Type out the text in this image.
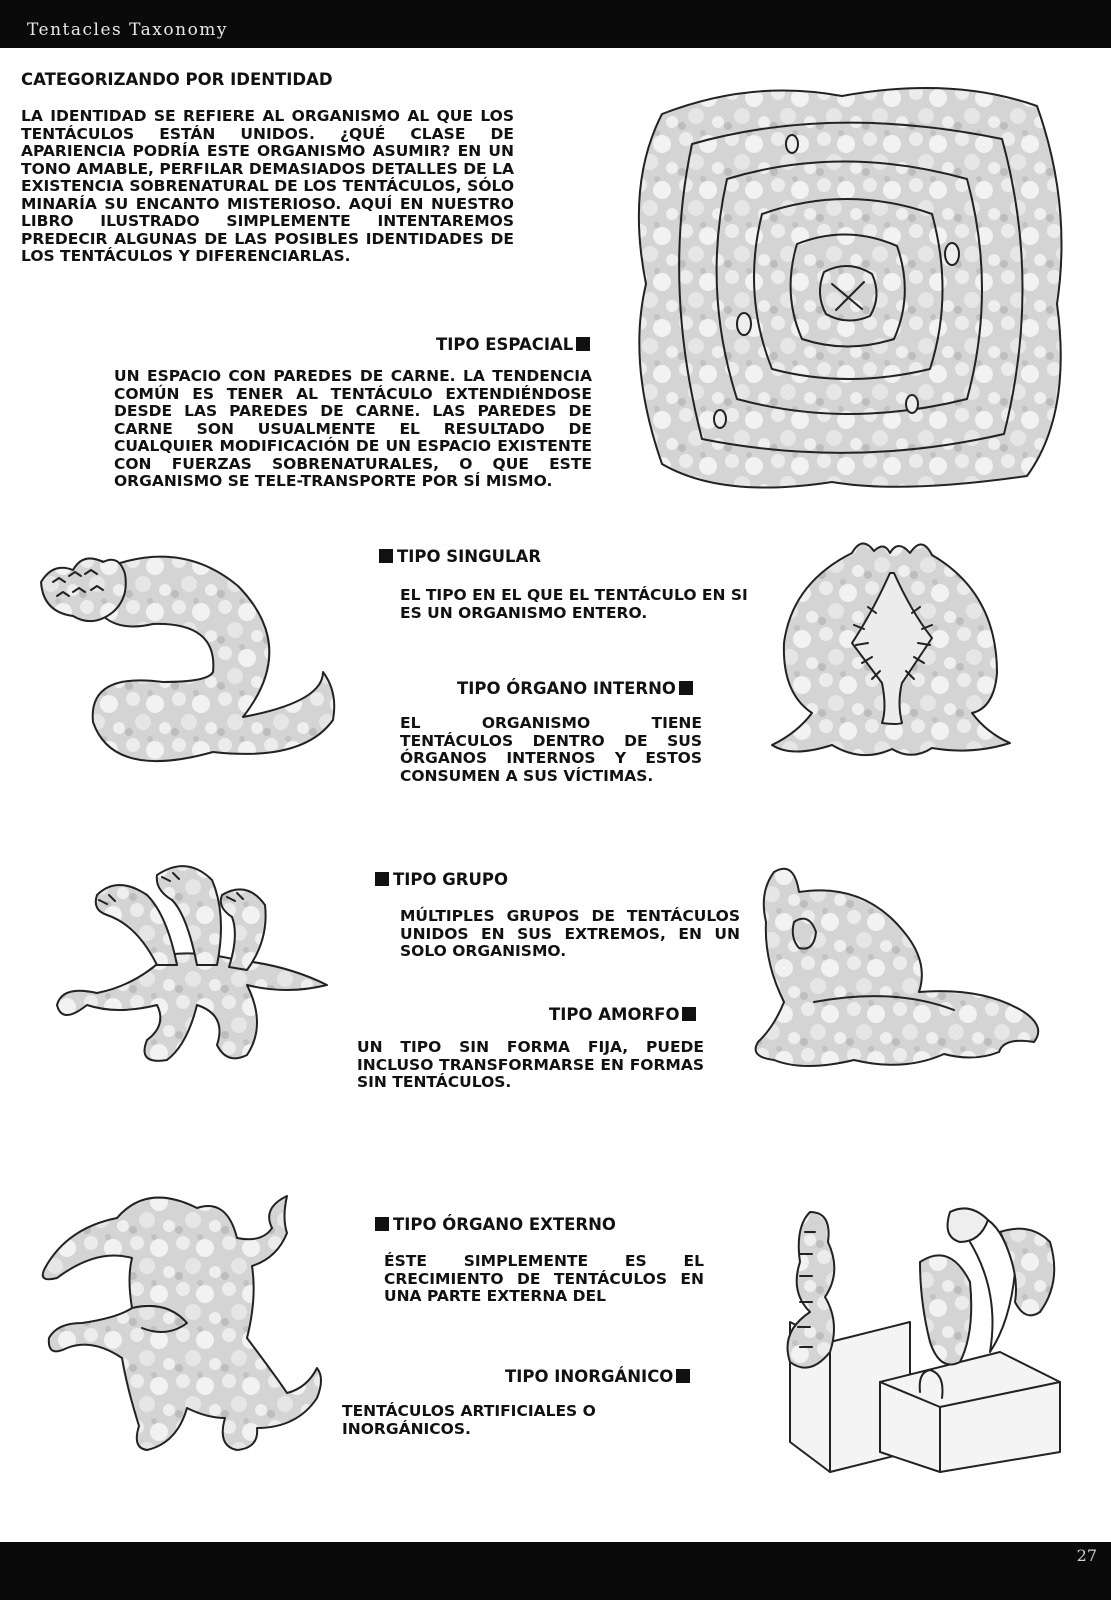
Tentacles Taxonomy
27
CATEGORIZANDO POR IDENTIDAD
LA IDENTIDAD SE REFIERE AL ORGANISMO AL QUE LOS TENTÁCULOS ESTÁN UNIDOS. ¿QUÉ CLASE DE APARIENCIA PODRÍA ESTE ORGANISMO ASUMIR? EN UN TONO AMABLE, PERFILAR DEMASIADOS DETALLES DE LA EXISTENCIA SOBRENATURAL DE LOS TENTÁCULOS, SÓLO MINARÍA SU ENCANTO MISTERIOSO. AQUÍ EN NUESTRO LIBRO ILUSTRADO SIMPLEMENTE INTENTAREMOS PREDECIR ALGUNAS DE LAS POSIBLES IDENTIDADES DE LOS TENTÁCULOS Y DIFERENCIARLAS.
TIPO ESPACIAL
UN ESPACIO CON PAREDES DE CARNE. LA TENDENCIA COMÚN ES TENER AL TENTÁCULO EXTENDIÉNDOSE DESDE LAS PAREDES DE CARNE. LAS PAREDES DE CARNE SON USUALMENTE EL RESULTADO DE CUALQUIER MODIFICACIÓN DE UN ESPACIO EXISTENTE CON FUERZAS SOBRENATURALES, O QUE ESTE ORGANISMO SE TELE-TRANSPORTE POR SÍ MISMO.
TIPO SINGULAR
EL TIPO EN EL QUE EL TENTÁCULO EN SI ES UN ORGANISMO ENTERO.
TIPO ÓRGANO INTERNO
EL ORGANISMO TIENE TENTÁCULOS DENTRO DE SUS ÓRGANOS INTERNOS Y ESTOS CONSUMEN A SUS VÍCTIMAS.
TIPO GRUPO
MÚLTIPLES GRUPOS DE TENTÁCULOS UNIDOS EN SUS EXTREMOS, EN UN SOLO ORGANISMO.
TIPO AMORFO
UN TIPO SIN FORMA FIJA, PUEDE INCLUSO TRANSFORMARSE EN FORMAS SIN TENTÁCULOS.
TIPO ÓRGANO EXTERNO
ÉSTE SIMPLEMENTE ES EL CRECIMIENTO DE TENTÁCULOS EN UNA PARTE EXTERNA DEL
TIPO INORGÁNICO
TENTÁCULOS ARTIFICIALES O INORGÁNICOS.
